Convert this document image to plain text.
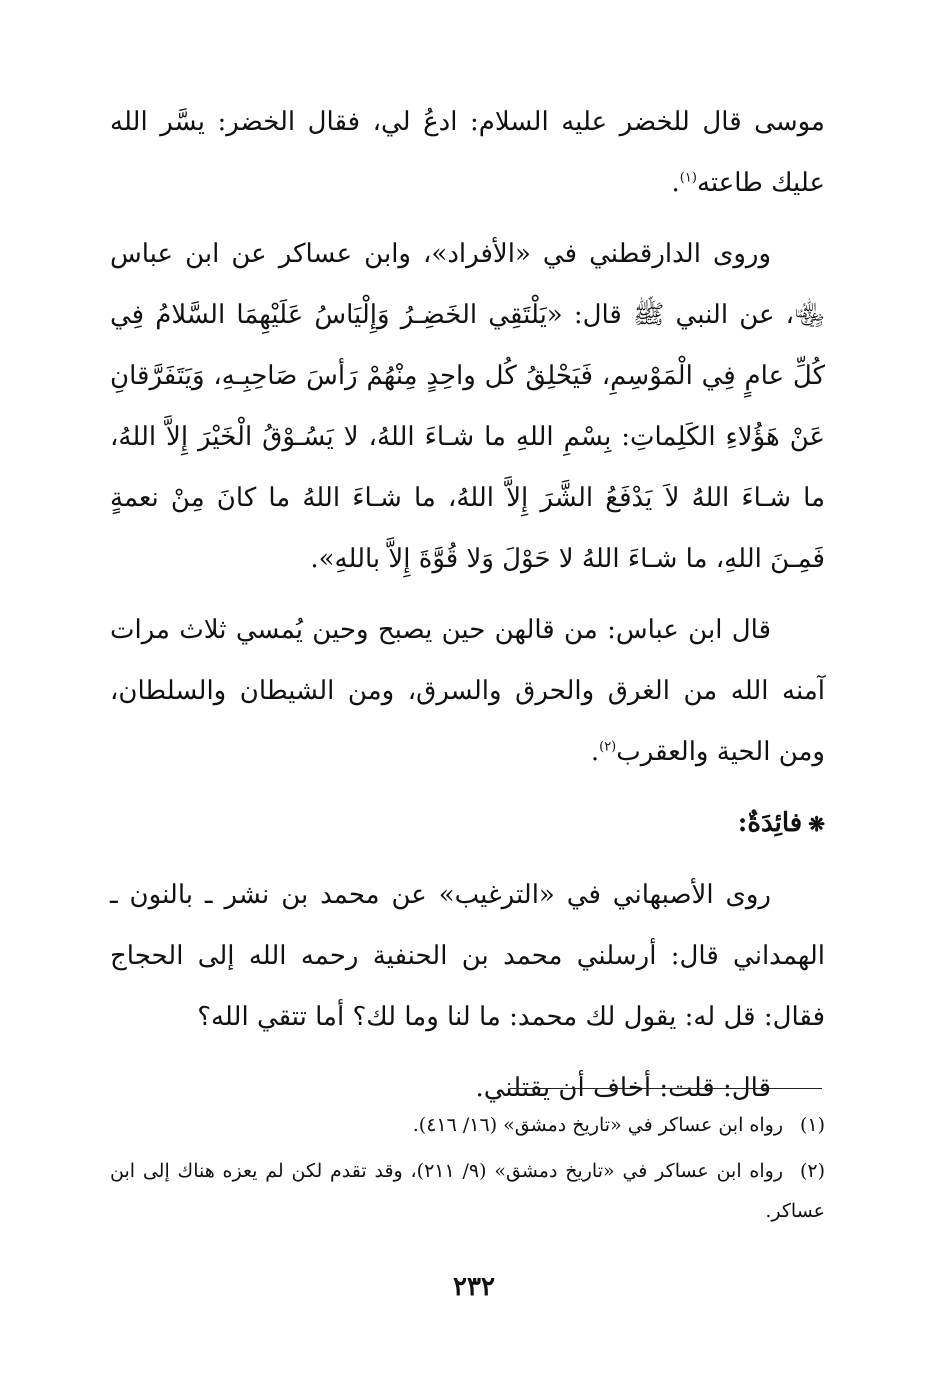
موسى قال للخضر عليه السلام: ادعُ لي، فقال الخضر: يسَّر الله عليك طاعته$^{(١)}$.

وروى الدارقطني في «الأفراد»، وابن عساكر عن ابن عباس ﵄، عن النبي ﷺ قال: «يَلْتَقِي الخَضِـرُ وَإِلْيَاسُ عَلَيْهِمَا السَّلامُ فِي كُلِّ عامٍ فِي الْمَوْسِمِ، فَيَحْلِقُ كُل واحِدٍ مِنْهُمْ رَأسَ صَاحِبِـهِ، وَيَتَفَرَّقانِ عَنْ هَؤُلاءِ الكَلِماتِ: بِسْمِ اللهِ ما شـاءَ اللهُ، لا يَسُـوْقُ الْخَيْرَ إِلاَّ اللهُ، ما شـاءَ اللهُ لاَ يَدْفَعُ الشَّرَ إِلاَّ اللهُ، ما شـاءَ اللهُ ما كانَ مِنْ نعمةٍ فَمِـنَ اللهِ، ما شـاءَ اللهُ لا حَوْلَ وَلا قُوَّةَ إِلاَّ باللهِ».

قال ابن عباس: من قالهن حين يصبح وحين يُمسي ثلاث مرات آمنه الله من الغرق والحرق والسرق، ومن الشيطان والسلطان، ومن الحية والعقرب$^{(٢)}$.

❋فائِدَةٌ:

روى الأصبهاني في «الترغيب» عن محمد بن نشر ـ بالنون ـ الهمداني قال: أرسلني محمد بن الحنفية رحمه الله إلى الحجاج فقال: قل له: يقول لك محمد: ما لنا وما لك؟ أما تتقي الله؟

قال: قلت: أخاف أن يقتلني.

(١)رواه ابن عساكر في «تاريخ دمشق» (١٦/ ٤١٦).

(٢)رواه ابن عساكر في «تاريخ دمشق» (٩/ ٢١١)، وقد تقدم لكن لم يعزه هناك إلى ابن عساكر.

٢٣٢
